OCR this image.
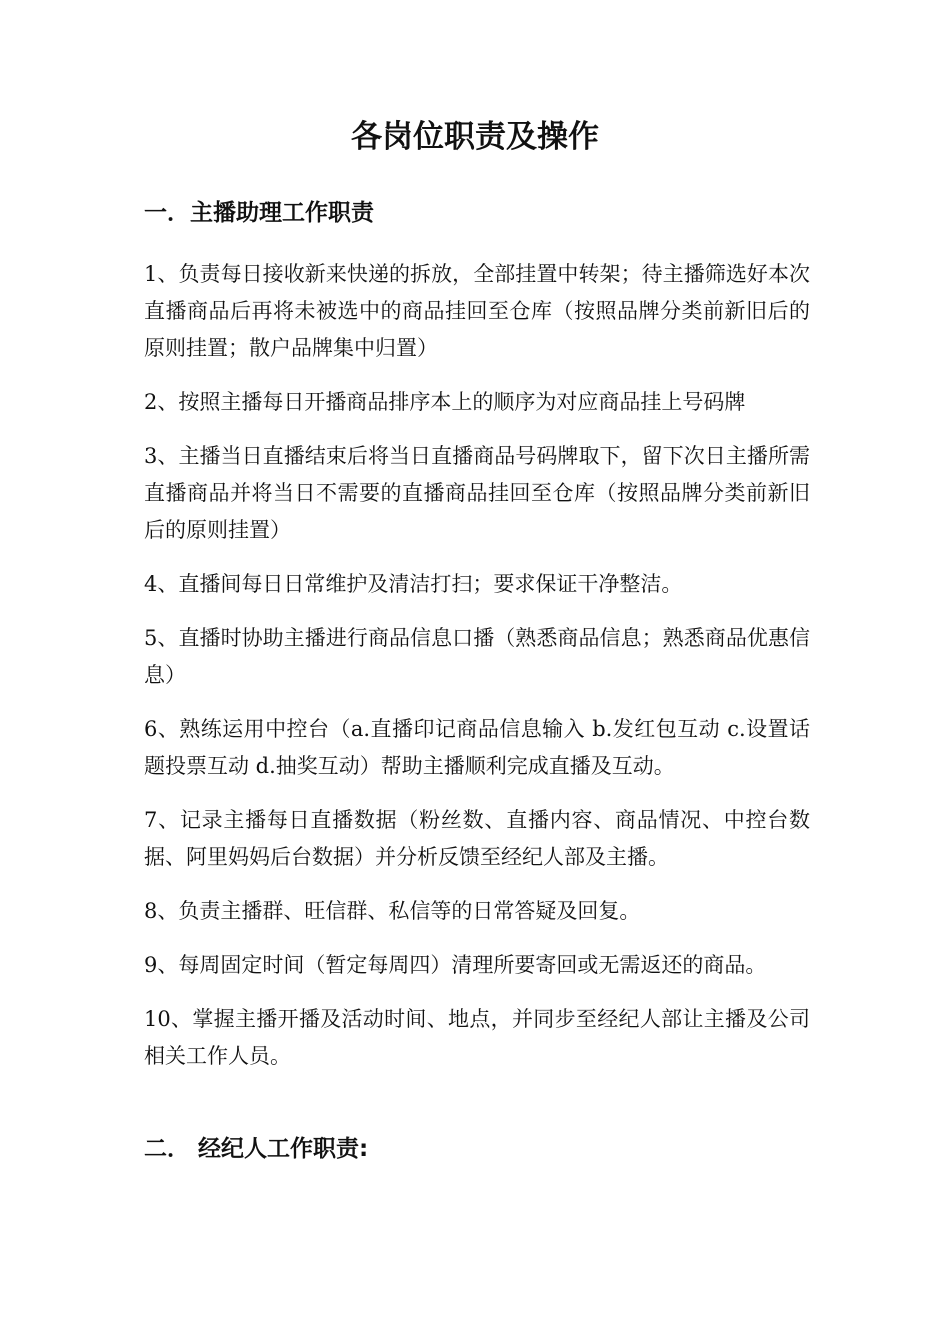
各岗位职责及操作
一．主播助理工作职责
1、负责每日接收新来快递的拆放，全部挂置中转架；待主播筛选好本次直播商品后再将未被选中的商品挂回至仓库（按照品牌分类前新旧后的原则挂置；散户品牌集中归置）
2、按照主播每日开播商品排序本上的顺序为对应商品挂上号码牌
3、主播当日直播结束后将当日直播商品号码牌取下，留下次日主播所需直播商品并将当日不需要的直播商品挂回至仓库（按照品牌分类前新旧后的原则挂置）
4、直播间每日日常维护及清洁打扫；要求保证干净整洁。
5、直播时协助主播进行商品信息口播（熟悉商品信息；熟悉商品优惠信息）
6、熟练运用中控台（a.直播印记商品信息输入 b.发红包互动 c.设置话题投票互动 d.抽奖互动）帮助主播顺利完成直播及互动。
7、记录主播每日直播数据（粉丝数、直播内容、商品情况、中控台数据、阿里妈妈后台数据）并分析反馈至经纪人部及主播。
8、负责主播群、旺信群、私信等的日常答疑及回复。
9、每周固定时间（暂定每周四）清理所要寄回或无需返还的商品。
10、掌握主播开播及活动时间、地点，并同步至经纪人部让主播及公司相关工作人员。
二． 经纪人工作职责:
